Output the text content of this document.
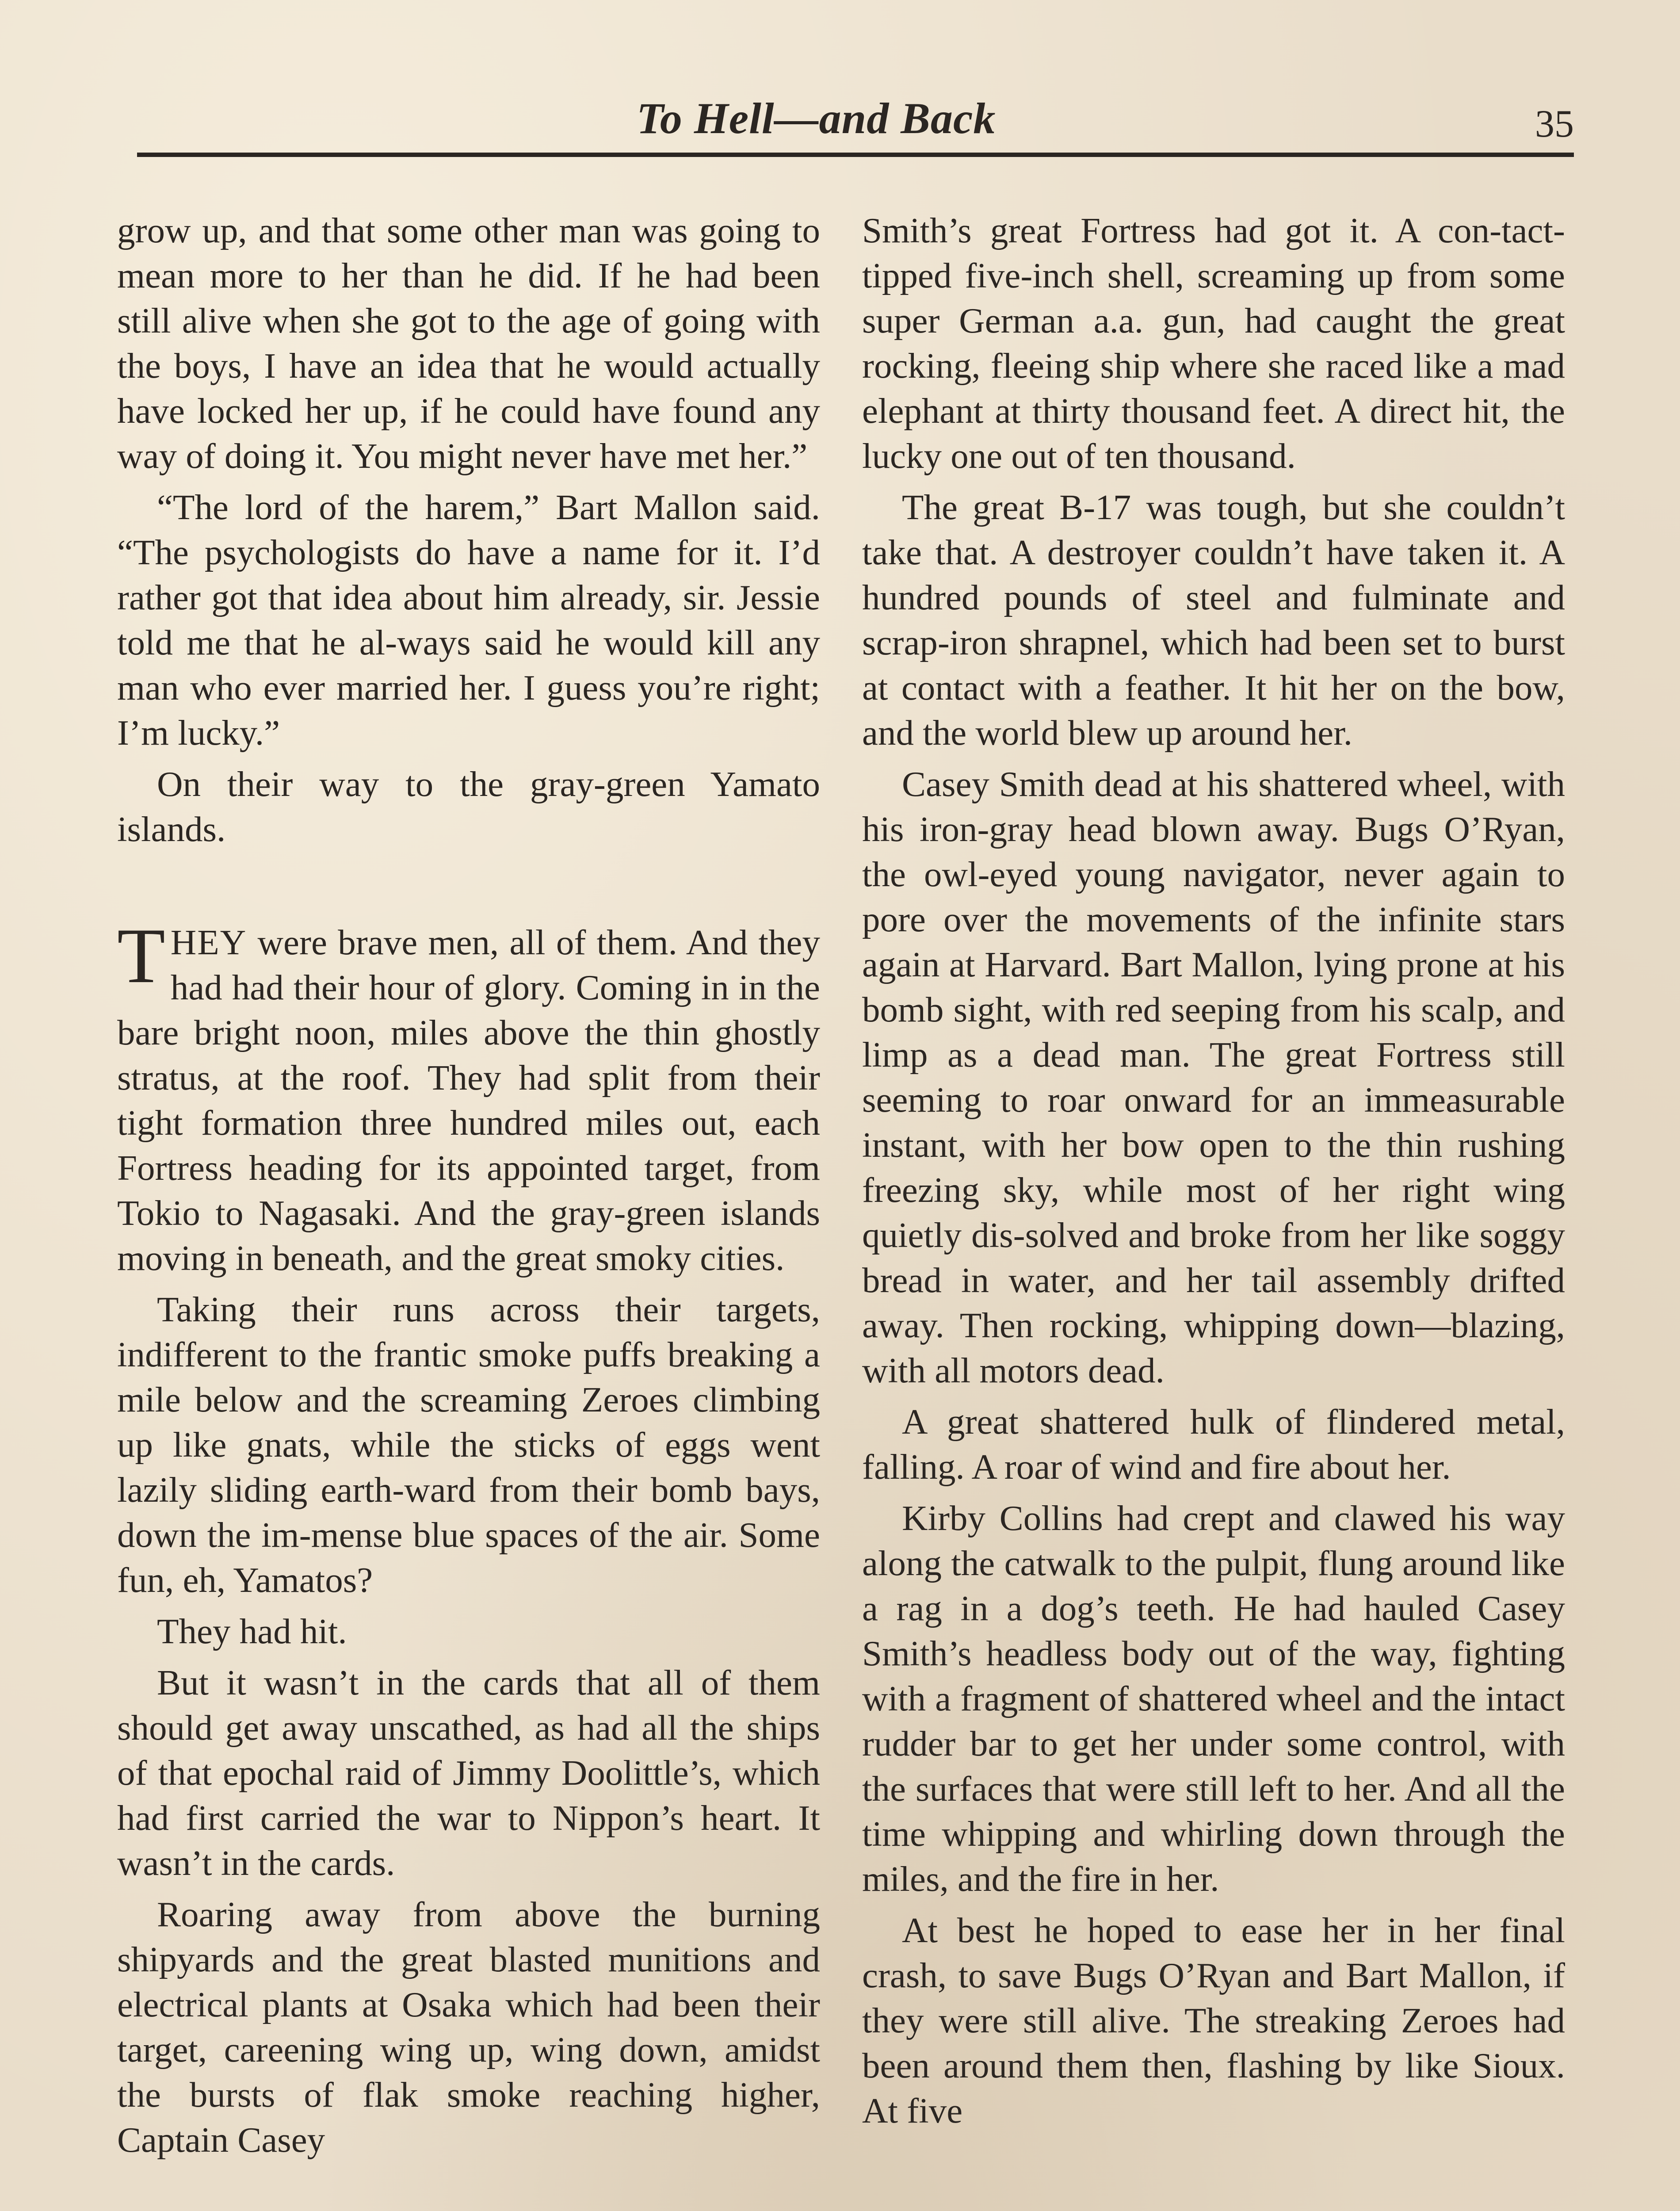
To Hell—and Back	35

grow up, and that some other man was going to mean more to her than he did. If he had been still alive when she got to the age of going with the boys, I have an idea that he would actually have locked her up, if he could have found any way of doing it. You might never have met her.”

“The lord of the harem,” Bart Mallon said. “The psychologists do have a name for it. I’d rather got that idea about him already, sir. Jessie told me that he al-ways said he would kill any man who ever married her. I guess you’re right; I’m lucky.”

On their way to the gray-green Yamato islands.

THEY were brave men, all of them. And they had had their hour of glory. Coming in in the bare bright noon, miles above the thin ghostly stratus, at the roof. They had split from their tight formation three hundred miles out, each Fortress heading for its appointed target, from Tokio to Nagasaki. And the gray-green islands moving in beneath, and the great smoky cities.

Taking their runs across their targets, indifferent to the frantic smoke puffs breaking a mile below and the screaming Zeroes climbing up like gnats, while the sticks of eggs went lazily sliding earth-ward from their bomb bays, down the im-mense blue spaces of the air. Some fun, eh, Yamatos?

They had hit.

But it wasn’t in the cards that all of them should get away unscathed, as had all the ships of that epochal raid of Jimmy Doolittle’s, which had first carried the war to Nippon’s heart. It wasn’t in the cards.

Roaring away from above the burning shipyards and the great blasted munitions and electrical plants at Osaka which had been their target, careening wing up, wing down, amidst the bursts of flak smoke reaching higher, Captain Casey

Smith’s great Fortress had got it. A con-tact-tipped five-inch shell, screaming up from some super German a.a. gun, had caught the great rocking, fleeing ship where she raced like a mad elephant at thirty thousand feet. A direct hit, the lucky one out of ten thousand.

The great B-17 was tough, but she couldn’t take that. A destroyer couldn’t have taken it. A hundred pounds of steel and fulminate and scrap-iron shrapnel, which had been set to burst at contact with a feather. It hit her on the bow, and the world blew up around her.

Casey Smith dead at his shattered wheel, with his iron-gray head blown away. Bugs O’Ryan, the owl-eyed young navigator, never again to pore over the movements of the infinite stars again at Harvard. Bart Mallon, lying prone at his bomb sight, with red seeping from his scalp, and limp as a dead man. The great Fortress still seeming to roar onward for an immeasurable instant, with her bow open to the thin rushing freezing sky, while most of her right wing quietly dis-solved and broke from her like soggy bread in water, and her tail assembly drifted away. Then rocking, whipping down—blazing, with all motors dead.

A great shattered hulk of flindered metal, falling. A roar of wind and fire about her.

Kirby Collins had crept and clawed his way along the catwalk to the pulpit, flung around like a rag in a dog’s teeth. He had hauled Casey Smith’s headless body out of the way, fighting with a fragment of shattered wheel and the intact rudder bar to get her under some control, with the surfaces that were still left to her. And all the time whipping and whirling down through the miles, and the fire in her.

At best he hoped to ease her in her final crash, to save Bugs O’Ryan and Bart Mallon, if they were still alive. The streaking Zeroes had been around them then, flashing by like Sioux. At five
